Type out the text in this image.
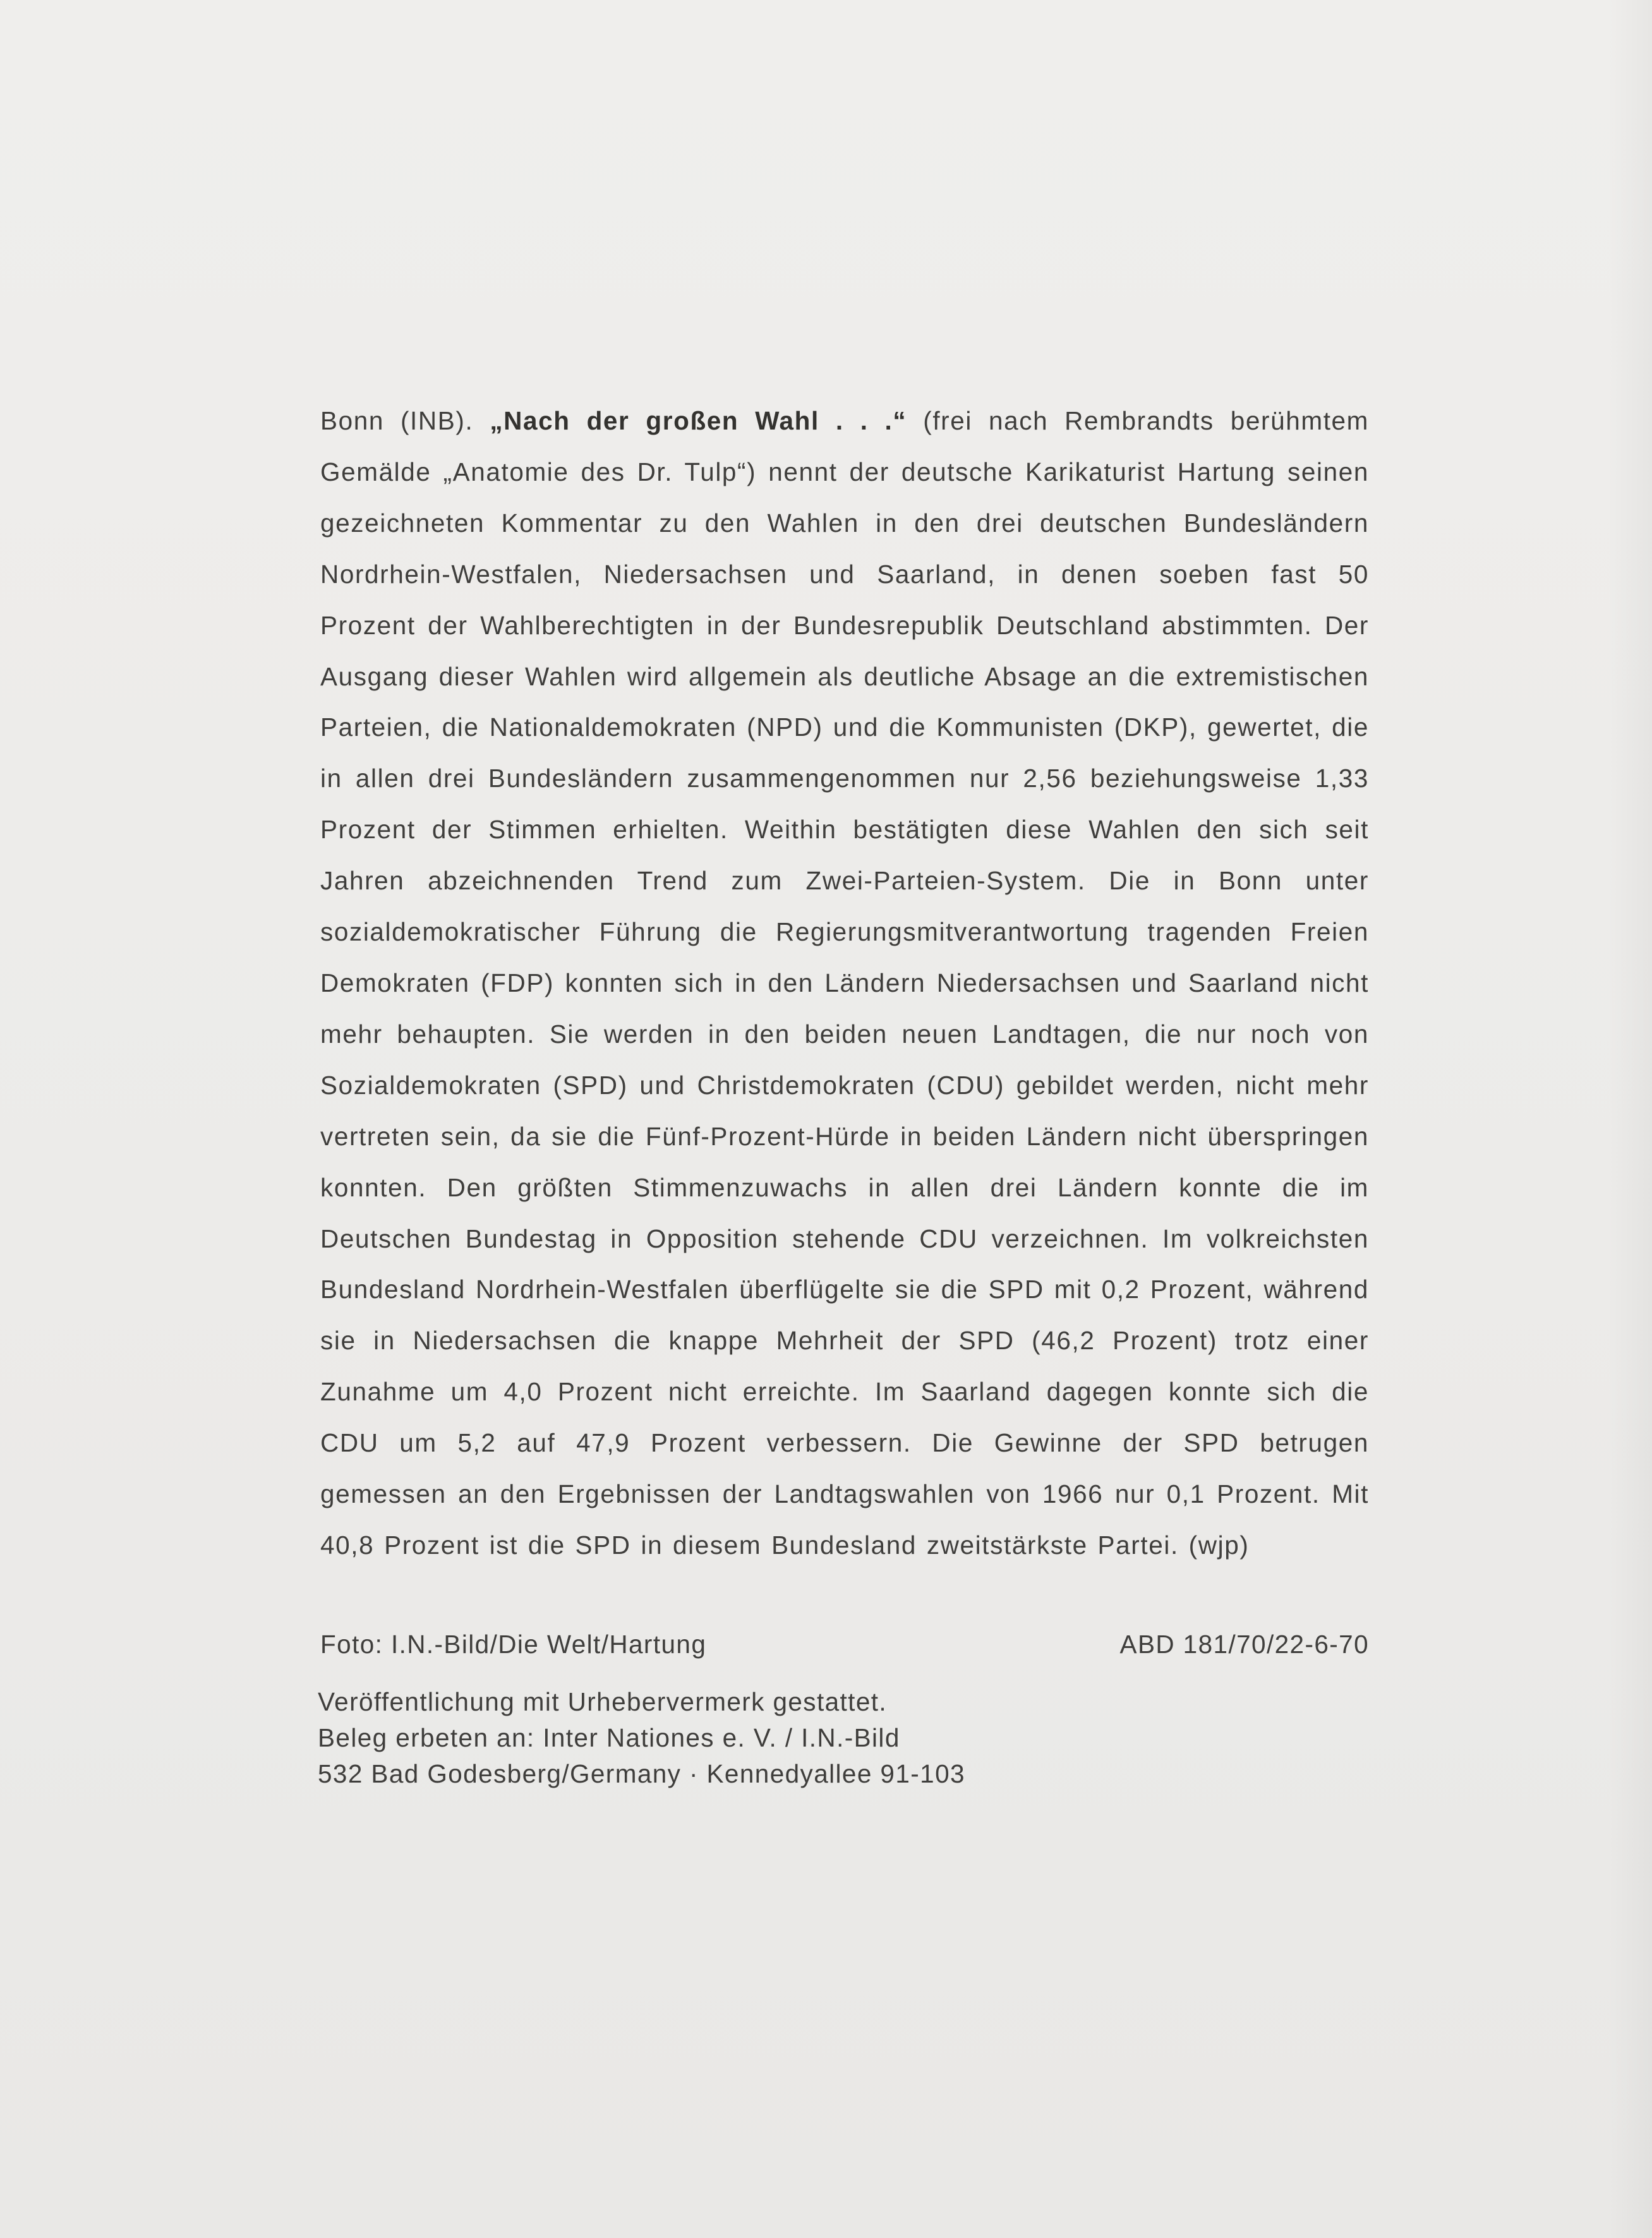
Bonn (INB). „Nach der großen Wahl . . .“ (frei nach Rembrandts berühmtem Gemälde „Anatomie des Dr. Tulp“) nennt der deutsche Karikaturist Hartung seinen gezeichneten Kommentar zu den Wahlen in den drei deutschen Bundesländern Nordrhein-Westfalen, Niedersachsen und Saarland, in denen soeben fast 50 Prozent der Wahlberechtigten in der Bundesrepublik Deutschland abstimmten. Der Ausgang dieser Wahlen wird allgemein als deutliche Absage an die extremistischen Parteien, die Nationaldemokraten (NPD) und die Kommunisten (DKP), gewertet, die in allen drei Bundesländern zusammengenommen nur 2,56 beziehungsweise 1,33 Prozent der Stimmen erhielten. Weithin bestätigten diese Wahlen den sich seit Jahren abzeichnenden Trend zum Zwei-Parteien-System. Die in Bonn unter sozialdemokratischer Führung die Regierungsmitverantwortung tragenden Freien Demokraten (FDP) konnten sich in den Ländern Niedersachsen und Saarland nicht mehr behaupten. Sie werden in den beiden neuen Landtagen, die nur noch von Sozialdemokraten (SPD) und Christdemokraten (CDU) gebildet werden, nicht mehr vertreten sein, da sie die Fünf-Prozent-Hürde in beiden Ländern nicht überspringen konnten. Den größten Stimmenzuwachs in allen drei Ländern konnte die im Deutschen Bundestag in Opposition stehende CDU verzeichnen. Im volkreichsten Bundesland Nordrhein-Westfalen überflügelte sie die SPD mit 0,2 Prozent, während sie in Niedersachsen die knappe Mehrheit der SPD (46,2 Prozent) trotz einer Zunahme um 4,0 Prozent nicht erreichte. Im Saarland dagegen konnte sich die CDU um 5,2 auf 47,9 Prozent verbessern. Die Gewinne der SPD betrugen gemessen an den Ergebnissen der Landtagswahlen von 1966 nur 0,1 Prozent. Mit 40,8 Prozent ist die SPD in diesem Bundesland zweitstärkste Partei. (wjp)
Foto: I.N.-Bild/Die Welt/Hartung	ABD 181/70/22-6-70
Veröffentlichung mit Urhebervermerk gestattet.
Beleg erbeten an: Inter Nationes e. V. / I.N.-Bild
532 Bad Godesberg/Germany · Kennedyallee 91-103
